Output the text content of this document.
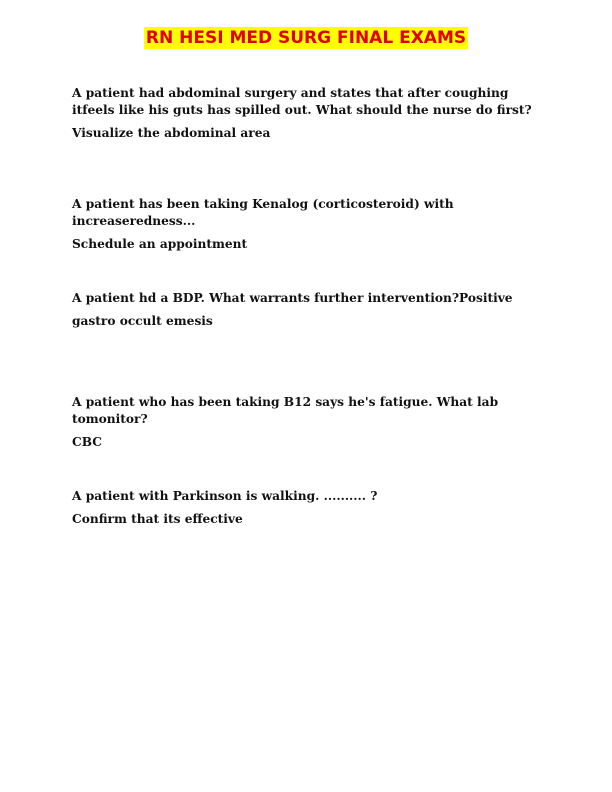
RN HESI MED SURG FINAL EXAMS

A patient had abdominal surgery and states that after coughing itfeels like his guts has spilled out. What should the nurse do first?

Visualize the abdominal area

A patient has been taking Kenalog (corticosteroid) with increaseredness...

Schedule an appointment

A patient hd a BDP. What warrants further intervention?Positive

gastro occult emesis

A patient who has been taking B12 says he's fatigue. What lab tomonitor?

CBC

A patient with Parkinson is walking. .......... ?

Confirm that its effective
